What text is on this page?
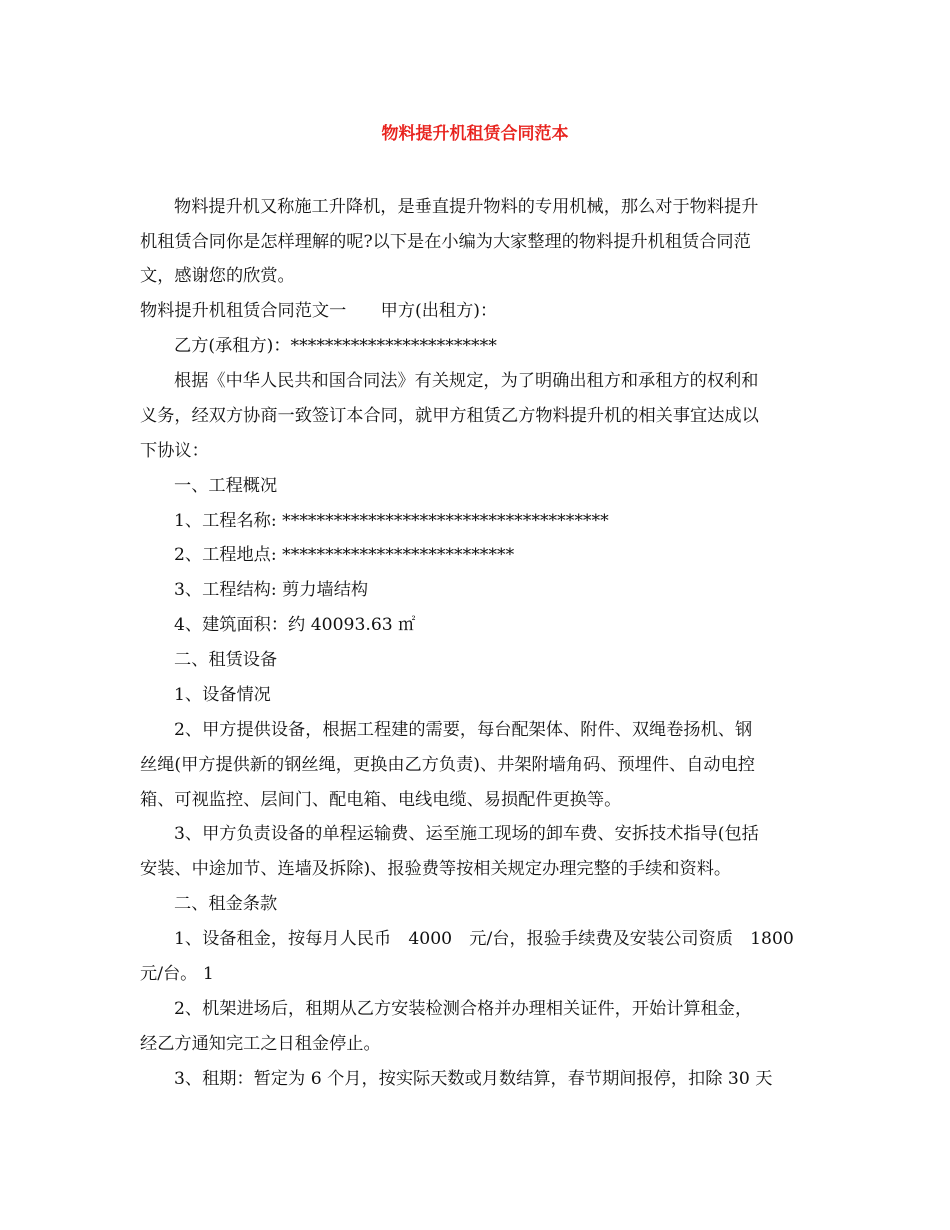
物料提升机租赁合同范本
物料提升机又称施工升降机，是垂直提升物料的专用机械，那么对于物料提升
机租赁合同你是怎样理解的呢?以下是在小编为大家整理的物料提升机租赁合同范
文，感谢您的欣赏。
物料提升机租赁合同范文一　　甲方(出租方)：
乙方(承租方)：************************
根据《中华人民共和国合同法》有关规定，为了明确出租方和承租方的权利和
义务，经双方协商一致签订本合同，就甲方租赁乙方物料提升机的相关事宜达成以
下协议：
一、工程概况
1、工程名称: **************************************
2、工程地点: ***************************
3、工程结构: 剪力墙结构
4、建筑面积：约 40093.63 ㎡
二、租赁设备
1、设备情况
2、甲方提供设备，根据工程建的需要，每台配架体、附件、双绳卷扬机、钢
丝绳(甲方提供新的钢丝绳，更换由乙方负责)、井架附墙角码、预埋件、自动电控
箱、可视监控、层间门、配电箱、电线电缆、易损配件更换等。
3、甲方负责设备的单程运输费、运至施工现场的卸车费、安拆技术指导(包括
安装、中途加节、连墙及拆除)、报验费等按相关规定办理完整的手续和资料。
二、租金条款
1、设备租金，按每月人民币　4000　元/台，报验手续费及安装公司资质　1800
元/台。 1
2、机架进场后，租期从乙方安装检测合格并办理相关证件，开始计算租金，
经乙方通知完工之日租金停止。
3、租期：暂定为 6 个月，按实际天数或月数结算，春节期间报停，扣除 30 天
